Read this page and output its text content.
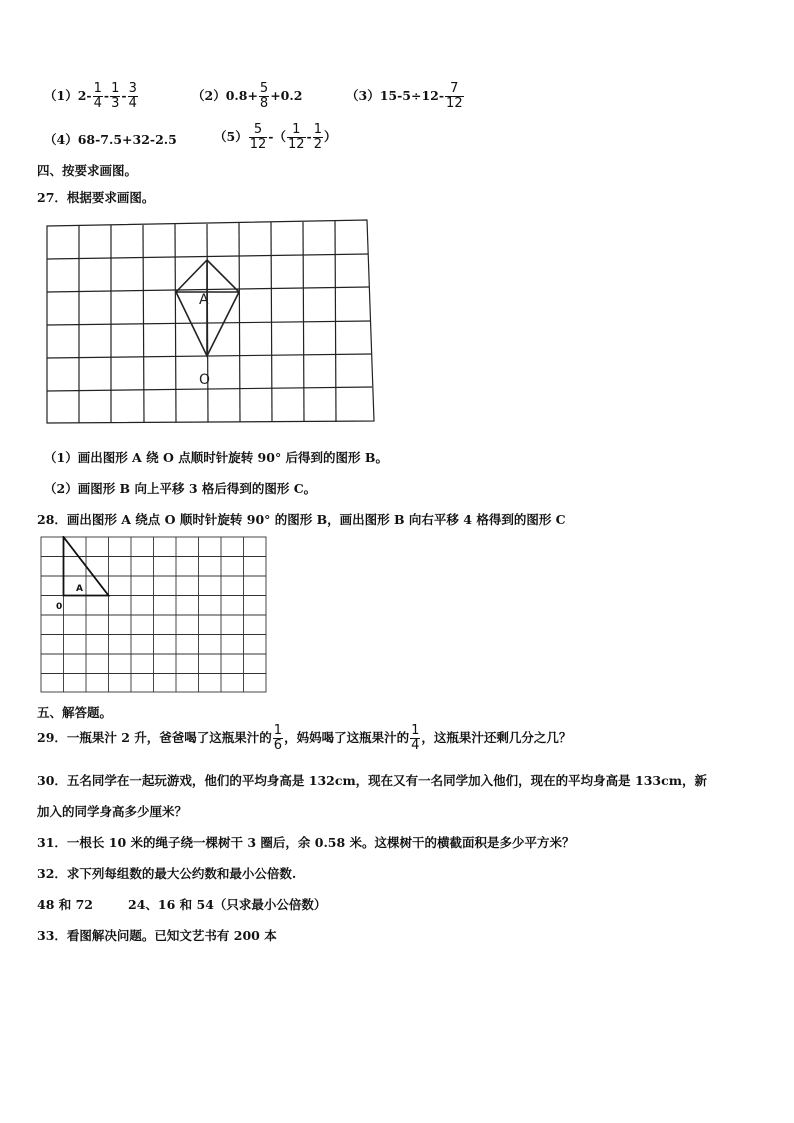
$(1)2- \frac{1}{4} - \frac{1}{3} - \frac{3}{4}$	$(2)0.8+ \frac{5}{8} +0.2$	$(3)15-5\div 12- \frac{7}{12}$
（4）68-7.5+32-2.5	$(5) \frac{5}{12}$ -（ $\frac{1}{12} - \frac{1}{2}$ ）
四、按要求画图。
27．根据要求画图。
A
O
（1）画出图形 A 绕 O 点顺时针旋转 90° 后得到的图形 B。
（2）画图形 B 向上平移 3 格后得到的图形 C。
28．画出图形 A 绕点 O 顺时针旋转 90° 的图形 B，画出图形 B 向右平移 4 格得到的图形 C
A
0
五、解答题。
29．一瓶果汁 2 升，爸爸喝了这瓶果汁的 $\frac{1}{6}$ ，妈妈喝了这瓶果汁的 $\frac{1}{4}$ ，这瓶果汁还剩几分之几？
30．五名同学在一起玩游戏，他们的平均身高是 132cm，现在又有一名同学加入他们，现在的平均身高是 133cm，新
加入的同学身高多少厘米？
31．一根长 10 米的绳子绕一棵树干 3 圈后，余 0.58 米。这棵树干的横截面积是多少平方米？
32．求下列每组数的最大公约数和最小公倍数.
48 和 72	24、16 和 54（只求最小公倍数）
33．看图解决问题。已知文艺书有 200 本
